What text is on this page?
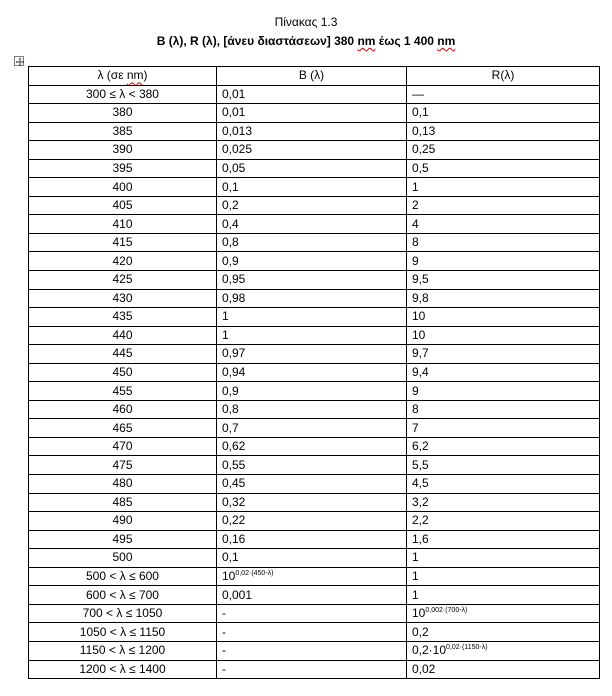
Πίνακας 1.3
Β (λ), R (λ), [άνευ διαστάσεων] 380 nm έως 1 400 nm
λ (σε nm)	B (λ)	R(λ)
300 ≤ λ < 380	0,01	—
380	0,01	0,1
385	0,013	0,13
390	0,025	0,25
395	0,05	0,5
400	0,1	1
405	0,2	2
410	0,4	4
415	0,8	8
420	0,9	9
425	0,95	9,5
430	0,98	9,8
435	1	10
440	1	10
445	0,97	9,7
450	0,94	9,4
455	0,9	9
460	0,8	8
465	0,7	7
470	0,62	6,2
475	0,55	5,5
480	0,45	4,5
485	0,32	3,2
490	0,22	2,2
495	0,16	1,6
500	0,1	1
500 < λ ≤ 600	$10^{0,02\cdot(450-\lambda)}$	1
600 < λ ≤ 700	0,001	1
700 < λ ≤ 1050	-	$10^{0,002\cdot(700-\lambda)}$
1050 < λ ≤ 1150	-	0,2
1150 < λ ≤ 1200	-	$0,2\cdot 10^{0,02\cdot(1150-\lambda)}$
1200 < λ ≤ 1400	-	0,02
